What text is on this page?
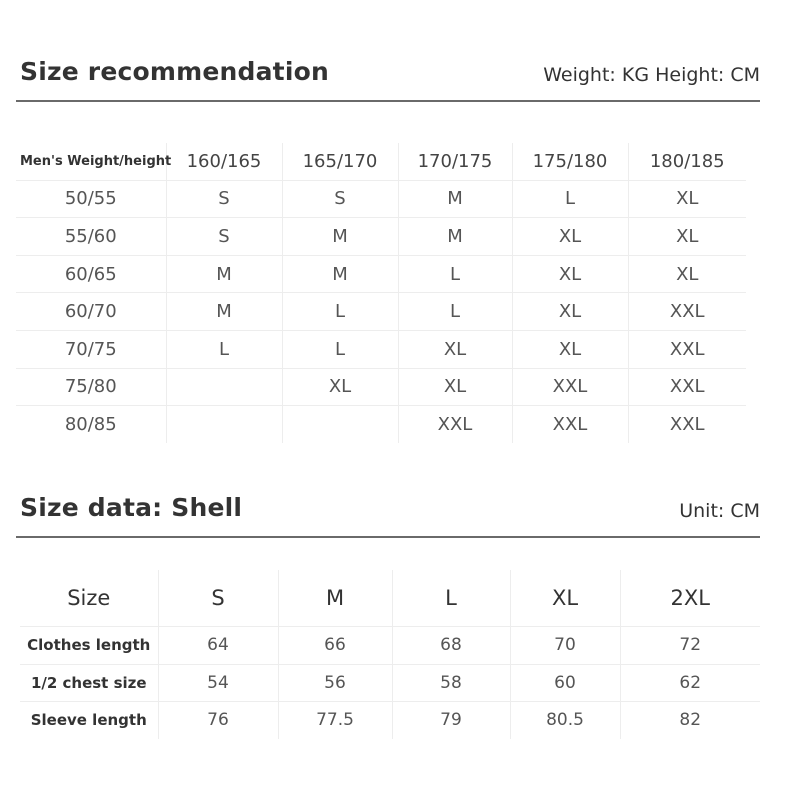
Size recommendation	Weight: KG Height: CM
Men's Weight/height	160/165	165/170	170/175	175/180	180/185
50/55	S	S	M	L	XL
55/60	S	M	M	XL	XL
60/65	M	M	L	XL	XL
60/70	M	L	L	XL	XXL
70/75	L	L	XL	XL	XXL
75/80		XL	XL	XXL	XXL
80/85			XXL	XXL	XXL
Size data: Shell	Unit: CM
Size	S	M	L	XL	2XL
Clothes length	64	66	68	70	72
1/2 chest size	54	56	58	60	62
Sleeve length	76	77.5	79	80.5	82
